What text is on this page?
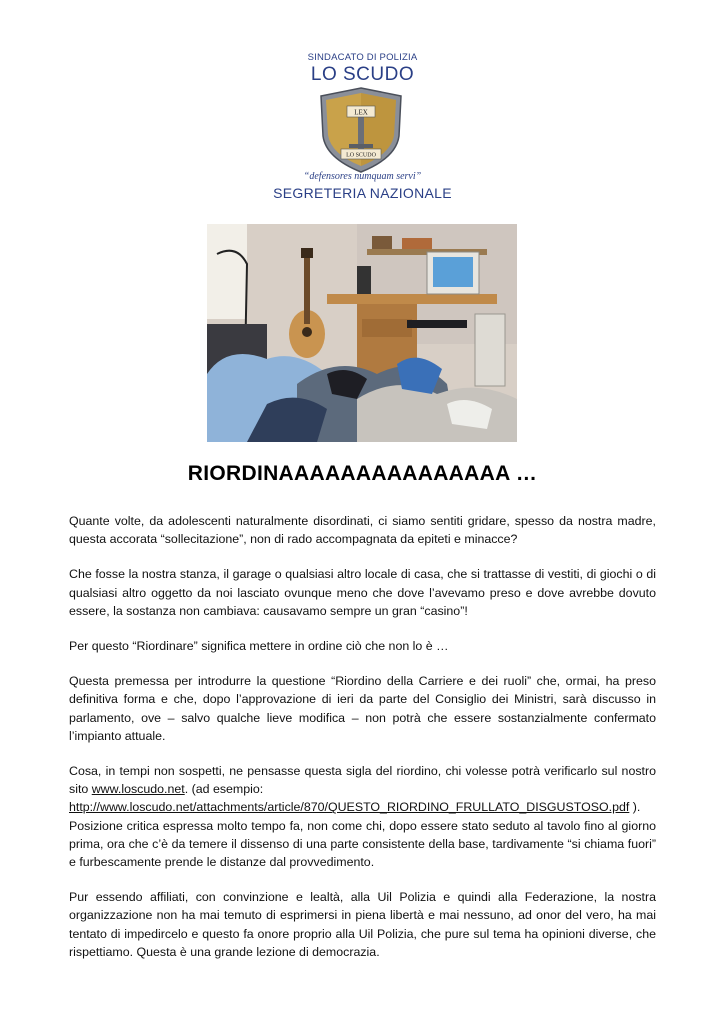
SINDACATO DI POLIZIA
LO SCUDO
LEX
LO SCUDO
“defensores numquam servi”
SEGRETERIA NAZIONALE
RIORDINAAAAAAAAAAAAAAA …

Quante volte, da adolescenti naturalmente disordinati, ci siamo sentiti gridare, spesso da nostra madre, questa accorata “sollecitazione”, non di rado accompagnata da epiteti e minacce?

Che fosse la nostra stanza, il garage o qualsiasi altro locale di casa, che si trattasse di vestiti, di giochi o di qualsiasi altro oggetto da noi lasciato ovunque meno che dove l’avevamo preso e dove avrebbe dovuto essere, la sostanza non cambiava: causavamo sempre un gran “casino”!

Per questo “Riordinare” significa mettere in ordine ciò che non lo è …

Questa premessa per introdurre la questione “Riordino della Carriere e dei ruoli” che, ormai, ha preso definitiva forma e che, dopo l’approvazione di ieri da parte del Consiglio dei Ministri, sarà discusso in parlamento, ove – salvo qualche lieve modifica – non potrà che essere sostanzialmente confermato l’impianto attuale.

Cosa, in tempi non sospetti, ne pensasse questa sigla del riordino, chi volesse potrà verificarlo sul nostro sito www.loscudo.net. (ad esempio:
http://www.loscudo.net/attachments/article/870/QUESTO_RIORDINO_FRULLATO_DISGUSTOSO.pdf ).

Posizione critica espressa molto tempo fa, non come chi, dopo essere stato seduto al tavolo fino al giorno prima, ora che c’è da temere il dissenso di una parte consistente della base, tardivamente “si chiama fuori” e furbescamente prende le distanze dal provvedimento.

Pur essendo affiliati, con convinzione e lealtà, alla Uil Polizia e quindi alla Federazione, la nostra organizzazione non ha mai temuto di esprimersi in piena libertà e mai nessuno, ad onor del vero, ha mai tentato di impedircelo e questo fa onore proprio alla Uil Polizia, che pure sul tema ha opinioni diverse, che rispettiamo. Questa è una grande lezione di democrazia.
